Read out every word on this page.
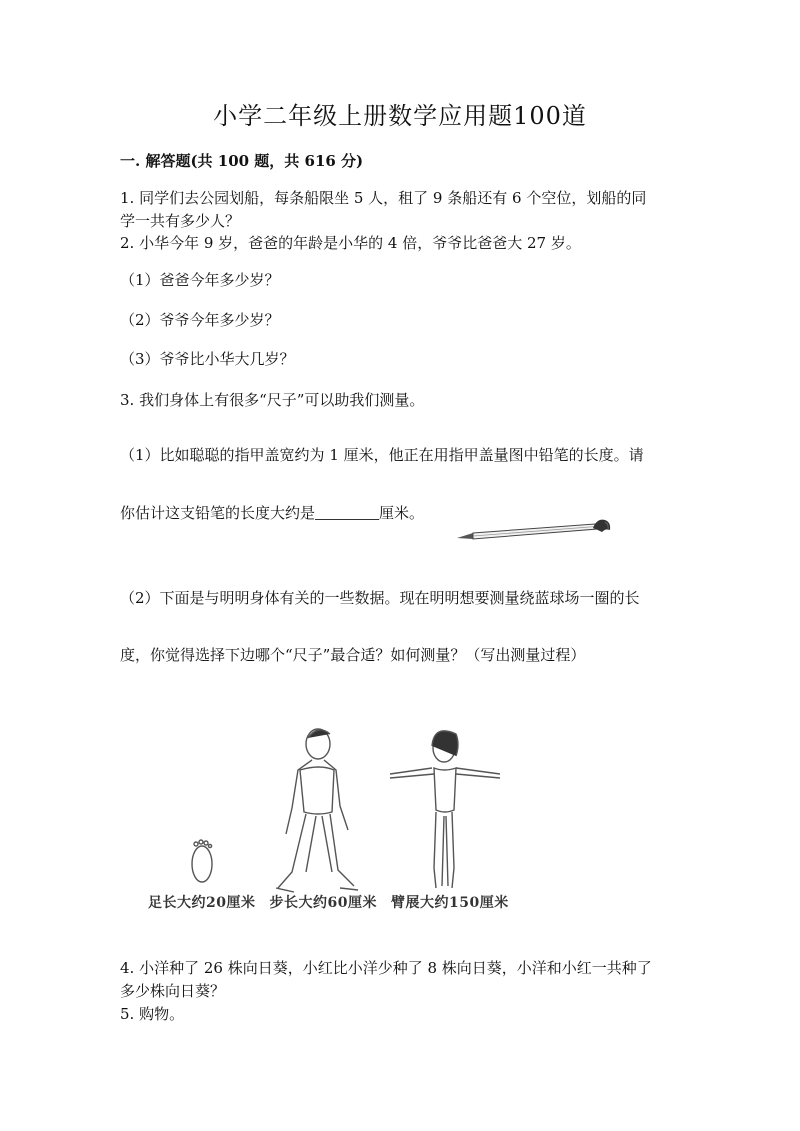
小学二年级上册数学应用题100道
一. 解答题(共 100 题，共 616 分)
1. 同学们去公园划船，每条船限坐 5 人，租了 9 条船还有 6 个空位，划船的同
学一共有多少人？
2. 小华今年 9 岁，爸爸的年龄是小华的 4 倍，爷爷比爸爸大 27 岁。
（1）爸爸今年多少岁？
（2）爷爷今年多少岁？
（3）爷爷比小华大几岁？
3. 我们身体上有很多“尺子”可以助我们测量。
（1）比如聪聪的指甲盖宽约为 1 厘米，他正在用指甲盖量图中铅笔的长度。请
你估计这支铅笔的长度大约是	厘米。
（2）下面是与明明身体有关的一些数据。现在明明想要测量绕蓝球场一圈的长
度，你觉得选择下边哪个“尺子”最合适？如何测量？（写出测量过程）
足长大约20厘米 步长大约60厘米 臂展大约150厘米
4. 小洋种了 26 株向日葵，小红比小洋少种了 8 株向日葵，小洋和小红一共种了
多少株向日葵？
5. 购物。
